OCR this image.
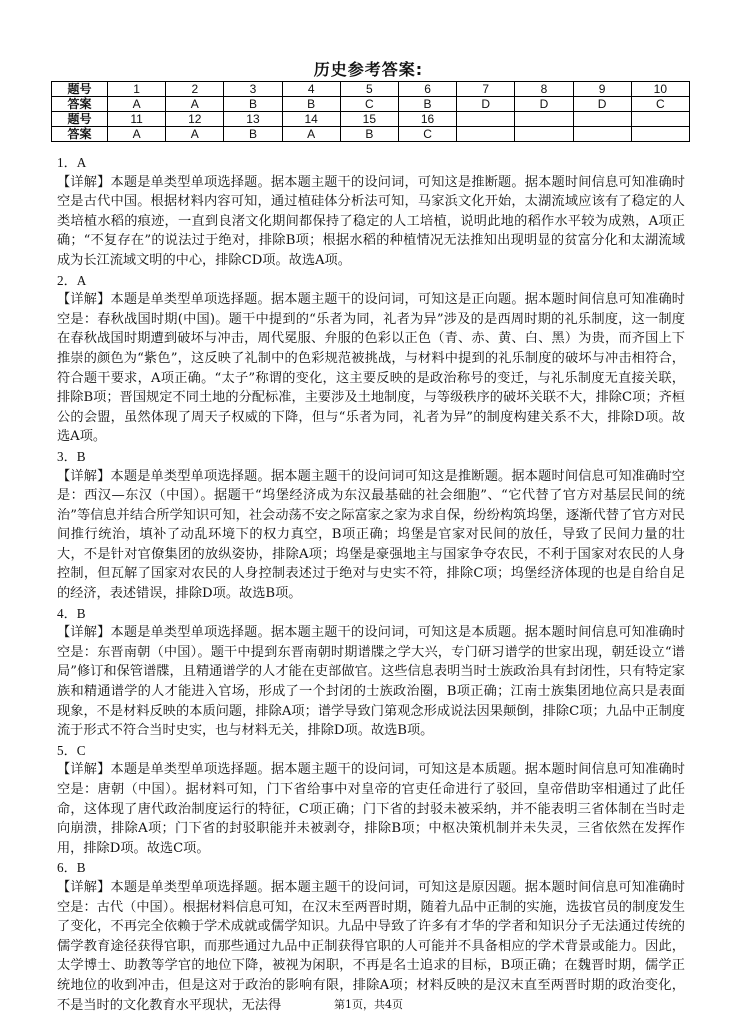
历史参考答案:
题号	1	2	3	4	5	6	7	8	9	10
答案	A	A	B	B	C	B	D	D	D	C
题号	11	12	13	14	15	16				
答案	A	A	B	A	B	C				

1．A

【详解】本题是单类型单项选择题。据本题主题干的设问词，可知这是推断题。据本题时间信息可知准确时空是古代中国。根据材料内容可知，通过植硅体分析法可知，马家浜文化开始，太湖流域应该有了稳定的人类培植水稻的痕迹，一直到良渚文化期间都保持了稳定的人工培植，说明此地的稻作水平较为成熟，A项正确；“不复存在”的说法过于绝对，排除B项；根据水稻的种植情况无法推知出现明显的贫富分化和太湖流域成为长江流域文明的中心，排除CD项。故选A项。

2．A

【详解】本题是单类型单项选择题。据本题主题干的设问词，可知这是正向题。据本题时间信息可知准确时空是：春秋战国时期(中国)。题干中提到的“乐者为同，礼者为异”涉及的是西周时期的礼乐制度，这一制度在春秋战国时期遭到破坏与冲击，周代冕服、弁服的色彩以正色（青、赤、黄、白、黑）为贵，而齐国上下推崇的颜色为“紫色”，这反映了礼制中的色彩规范被挑战，与材料中提到的礼乐制度的破坏与冲击相符合，符合题干要求，A项正确。“太子”称谓的变化，这主要反映的是政治称号的变迁，与礼乐制度无直接关联，排除B项；晋国规定不同土地的分配标准，主要涉及土地制度，与等级秩序的破坏关联不大，排除C项；齐桓公的会盟，虽然体现了周天子权威的下降，但与“乐者为同，礼者为异”的制度构建关系不大，排除D项。故选A项。

3．B

【详解】本题是单类型单项选择题。据本题主题干的设问词可知这是推断题。据本题时间信息可知准确时空是：西汉—东汉（中国）。据题干“坞堡经济成为东汉最基础的社会细胞”、“它代替了官方对基层民间的统治”等信息并结合所学知识可知，社会动荡不安之际富家之家为求自保，纷纷构筑坞堡，逐渐代替了官方对民间推行统治，填补了动乱环境下的权力真空，B项正确；坞堡是官家对民间的放任，导致了民间力量的壮大，不是针对官僚集团的放纵姿协，排除A项；坞堡是豪强地主与国家争夺农民，不利于国家对农民的人身控制，但瓦解了国家对农民的人身控制表述过于绝对与史实不符，排除C项；坞堡经济体现的也是自给自足的经济，表述错误，排除D项。故选B项。

4．B

【详解】本题是单类型单项选择题。据本题主题干的设问词，可知这是本质题。据本题时间信息可知准确时空是：东晋南朝（中国）。题干中提到东晋南朝时期谱牒之学大兴，专门研习谱学的世家出现，朝廷设立“谱局”修订和保管谱牒，且精通谱学的人才能在吏部做官。这些信息表明当时士族政治具有封闭性，只有特定家族和精通谱学的人才能进入官场，形成了一个封闭的士族政治圈，B项正确；江南士族集团地位高只是表面现象，不是材料反映的本质问题，排除A项；谱学导致门第观念形成说法因果颠倒，排除C项；九品中正制度流于形式不符合当时史实，也与材料无关，排除D项。故选B项。

5．C

【详解】本题是单类型单项选择题。据本题主题干的设问词，可知这是本质题。据本题时间信息可知准确时空是：唐朝（中国）。据材料可知，门下省给事中对皇帝的官吏任命进行了驳回，皇帝借助宰相通过了此任命，这体现了唐代政治制度运行的特征，C项正确；门下省的封驳未被采纳，并不能表明三省体制在当时走向崩溃，排除A项；门下省的封驳职能并未被剥夺，排除B项；中枢决策机制并未失灵，三省依然在发挥作用，排除D项。故选C项。

6．B

【详解】本题是单类型单项选择题。据本题主题干的设问词，可知这是原因题。据本题时间信息可知准确时空是：古代（中国）。根据材料信息可知，在汉末至两晋时期，随着九品中正制的实施，选拔官员的制度发生了变化，不再完全依赖于学术成就或儒学知识。九品中导致了许多有才华的学者和知识分子无法通过传统的儒学教育途径获得官职，而那些通过九品中正制获得官职的人可能并不具备相应的学术背景或能力。因此，太学博士、助教等学官的地位下降，被视为闲职，不再是名士追求的目标，B项正确；在魏晋时期，儒学正统地位的收到冲击，但是这对于政治的影响有限，排除A项；材料反映的是汉末直至两晋时期的政治变化，不是当时的文化教育水平现状，无法得	第1页，共4页
